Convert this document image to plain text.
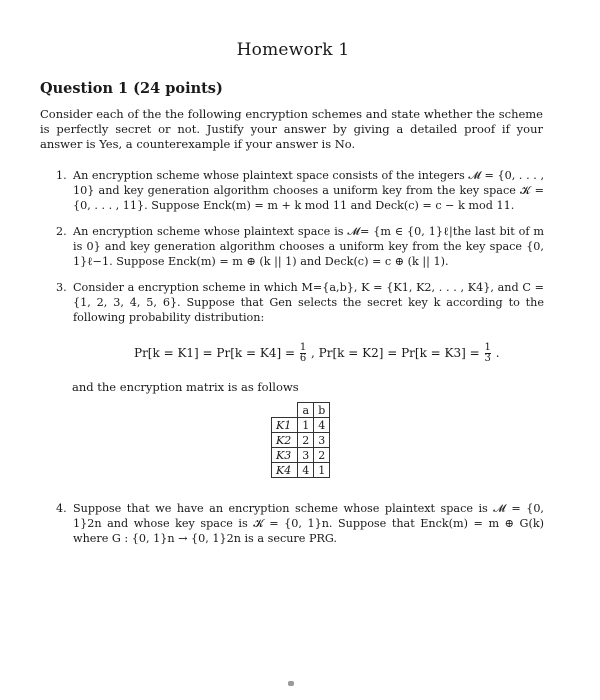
Homework 1
Question 1 (24 points)
Consider each of the the following encryption schemes and state whether the scheme is perfectly secret or not. Justify your answer by giving a detailed proof if your answer is Yes, a counterexample if your answer is No.
1. An encryption scheme whose plaintext space consists of the integers 𝓜 = {0, . . . , 10} and key generation algorithm chooses a uniform key from the key space 𝓚 = {0, . . . , 11}. Suppose Enck(m) = m + k mod 11 and Deck(c) = c − k mod 11.
2. An encryption scheme whose plaintext space is 𝓜= {m ∈ {0, 1}ℓ|the last bit of m is 0} and key generation algorithm chooses a uniform key from the key space {0, 1}ℓ−1. Suppose Enck(m) = m ⊕ (k || 1) and Deck(c) = c ⊕ (k || 1).
3. Consider a encryption scheme in which M={a,b}, K = {K1, K2, . . . , K4}, and C = {1, 2, 3, 4, 5, 6}. Suppose that Gen selects the secret key k according to the following probability distribution:
$Pr[k = K1] = Pr[k = K4] = \frac{1}{6}$ , $Pr[k = K2] = Pr[k = K3] = \frac{1}{3}$ .
and the encryption matrix is as follows
	a	b
K1	1	4
K2	2	3
K3	3	2
K4	4	1
4. Suppose that we have an encryption scheme whose plaintext space is 𝓜 = {0, 1}2n and whose key space is 𝓚 = {0, 1}n. Suppose that Enck(m) = m ⊕ G(k) where G : {0, 1}n → {0, 1}2n is a secure PRG.
